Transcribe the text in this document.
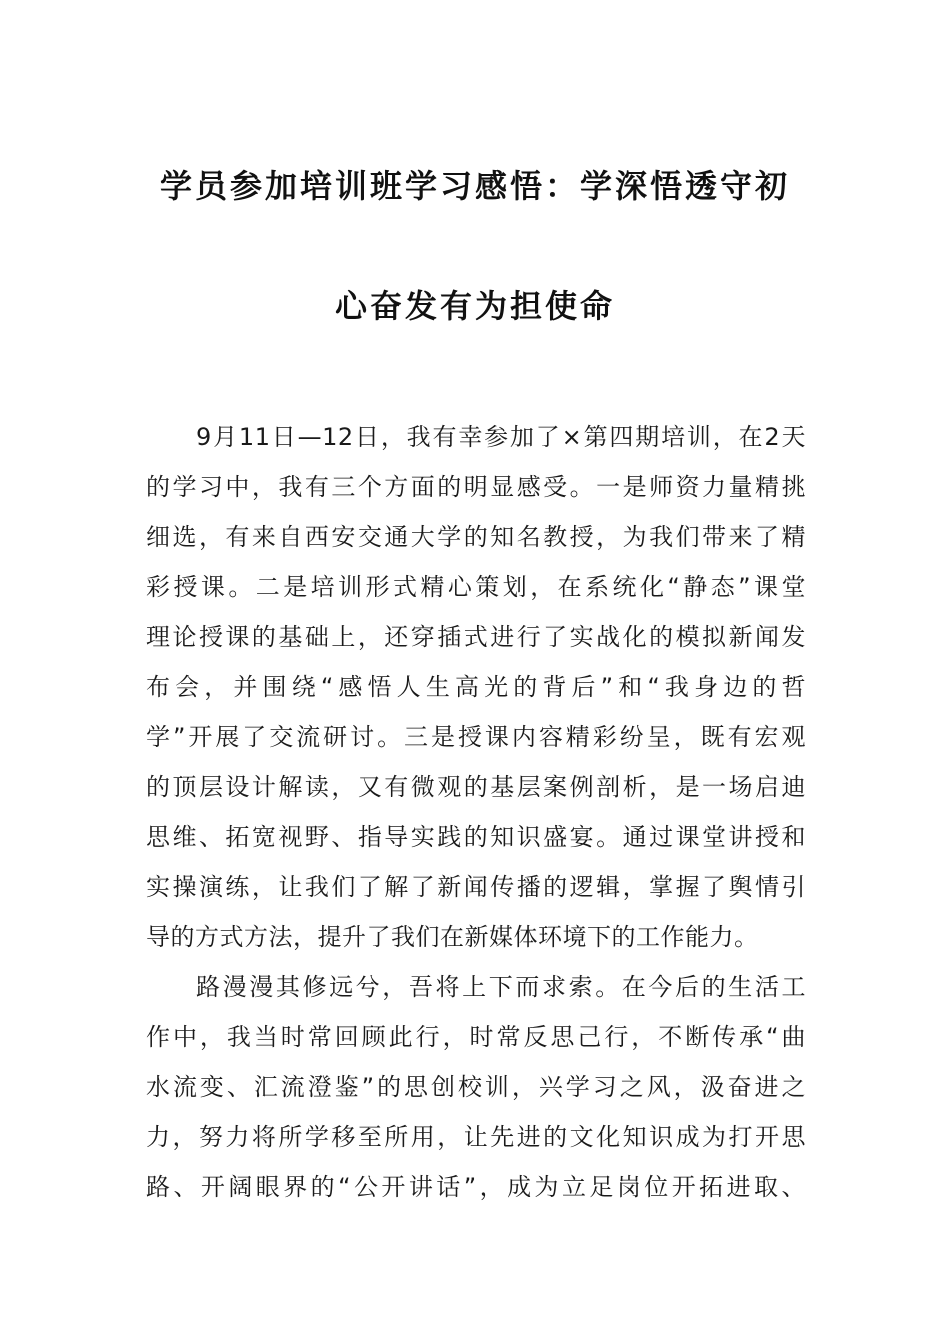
学员参加培训班学习感悟：学深悟透守初
心奋发有为担使命
9月11日—12日，我有幸参加了×第四期培训，在2天
的学习中，我有三个方面的明显感受。一是师资力量精挑
细选，有来自西安交通大学的知名教授，为我们带来了精
彩授课。二是培训形式精心策划，在系统化“静态”课堂
理论授课的基础上，还穿插式进行了实战化的模拟新闻发
布会，并围绕“感悟人生高光的背后”和“我身边的哲
学”开展了交流研讨。三是授课内容精彩纷呈，既有宏观
的顶层设计解读，又有微观的基层案例剖析，是一场启迪
思维、拓宽视野、指导实践的知识盛宴。通过课堂讲授和
实操演练，让我们了解了新闻传播的逻辑，掌握了舆情引
导的方式方法，提升了我们在新媒体环境下的工作能力。
路漫漫其修远兮，吾将上下而求索。在今后的生活工
作中，我当时常回顾此行，时常反思己行，不断传承“曲
水流变、汇流澄鉴”的思创校训，兴学习之风，汲奋进之
力，努力将所学移至所用，让先进的文化知识成为打开思
路、开阔眼界的“公开讲话”，成为立足岗位开拓进取、
